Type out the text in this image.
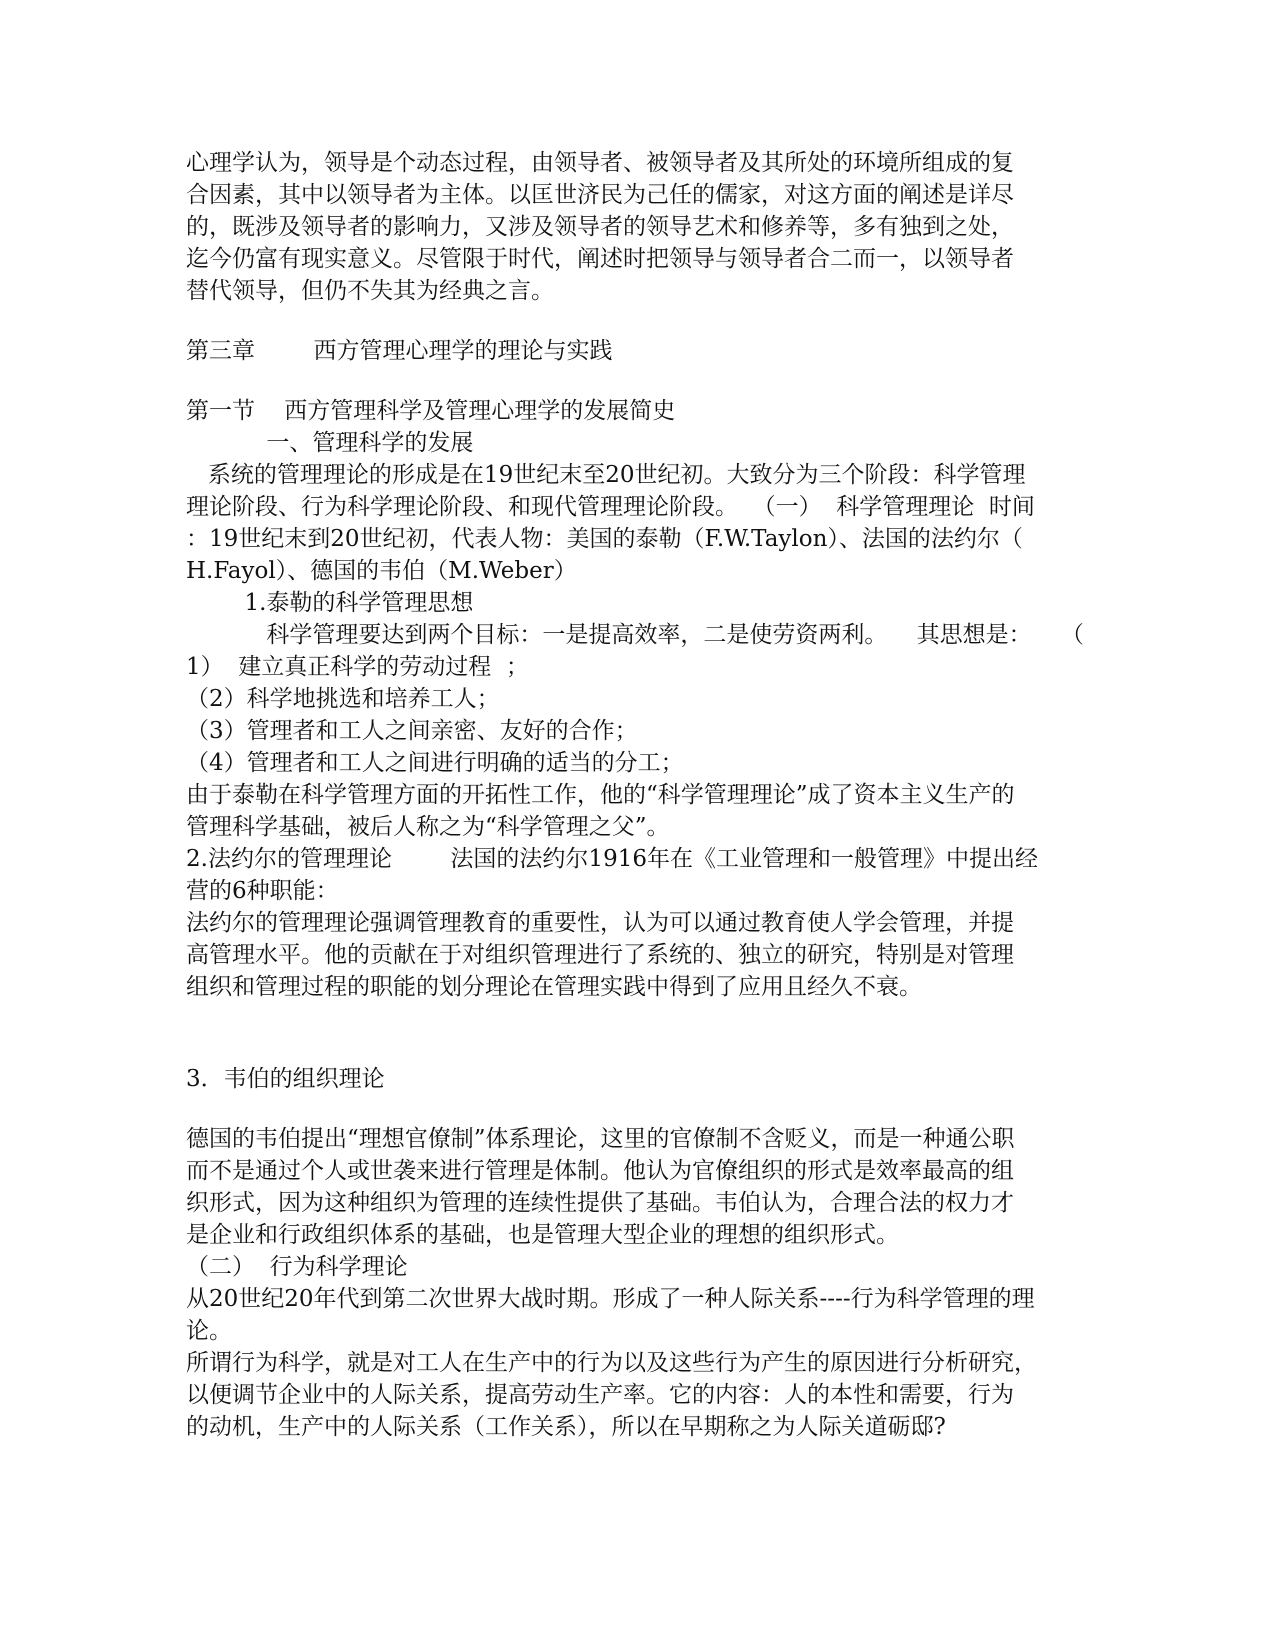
心理学认为，领导是个动态过程，由领导者、被领导者及其所处的环境所组成的复
合因素，其中以领导者为主体。以匡世济民为己任的儒家，对这方面的阐述是详尽
的，既涉及领导者的影响力，又涉及领导者的领导艺术和修养等，多有独到之处，
迄今仍富有现实意义。尽管限于时代，阐述时把领导与领导者合二而一，以领导者
替代领导，但仍不失其为经典之言。
第三章        西方管理心理学的理论与实践
第一节    西方管理科学及管理心理学的发展简史
一、管理科学的发展
系统的管理理论的形成是在19世纪末至20世纪初。大致分为三个阶段：科学管理
理论阶段、行为科学理论阶段、和现代管理理论阶段。  （一）  科学管理理论  时间
：19世纪末到20世纪初，代表人物：美国的泰勒（F.W.Taylon）、法国的法约尔（
H.Fayol）、德国的韦伯（M.Weber）
1.泰勒的科学管理思想
科学管理要达到两个目标：一是提高效率，二是使劳资两利。    其思想是：    （
1）  建立真正科学的劳动过程  ；
（2）科学地挑选和培养工人；
（3）管理者和工人之间亲密、友好的合作；
（4）管理者和工人之间进行明确的适当的分工；
由于泰勒在科学管理方面的开拓性工作，他的“科学管理理论”成了资本主义生产的
管理科学基础，被后人称之为“科学管理之父”。
2.法约尔的管理理论        法国的法约尔1916年在《工业管理和一般管理》中提出经
营的6种职能：
法约尔的管理理论强调管理教育的重要性，认为可以通过教育使人学会管理，并提
高管理水平。他的贡献在于对组织管理进行了系统的、独立的研究，特别是对管理
组织和管理过程的职能的划分理论在管理实践中得到了应用且经久不衰。
3．韦伯的组织理论
德国的韦伯提出“理想官僚制”体系理论，这里的官僚制不含贬义，而是一种通公职
而不是通过个人或世袭来进行管理是体制。他认为官僚组织的形式是效率最高的组
织形式，因为这种组织为管理的连续性提供了基础。韦伯认为，合理合法的权力才
是企业和行政组织体系的基础，也是管理大型企业的理想的组织形式。
（二）  行为科学理论
从20世纪20年代到第二次世界大战时期。形成了一种人际关系----行为科学管理的理
论。
所谓行为科学，就是对工人在生产中的行为以及这些行为产生的原因进行分析研究，
以便调节企业中的人际关系，提高劳动生产率。它的内容：人的本性和需要，行为
的动机，生产中的人际关系（工作关系），所以在早期称之为人际关道砺邸?
